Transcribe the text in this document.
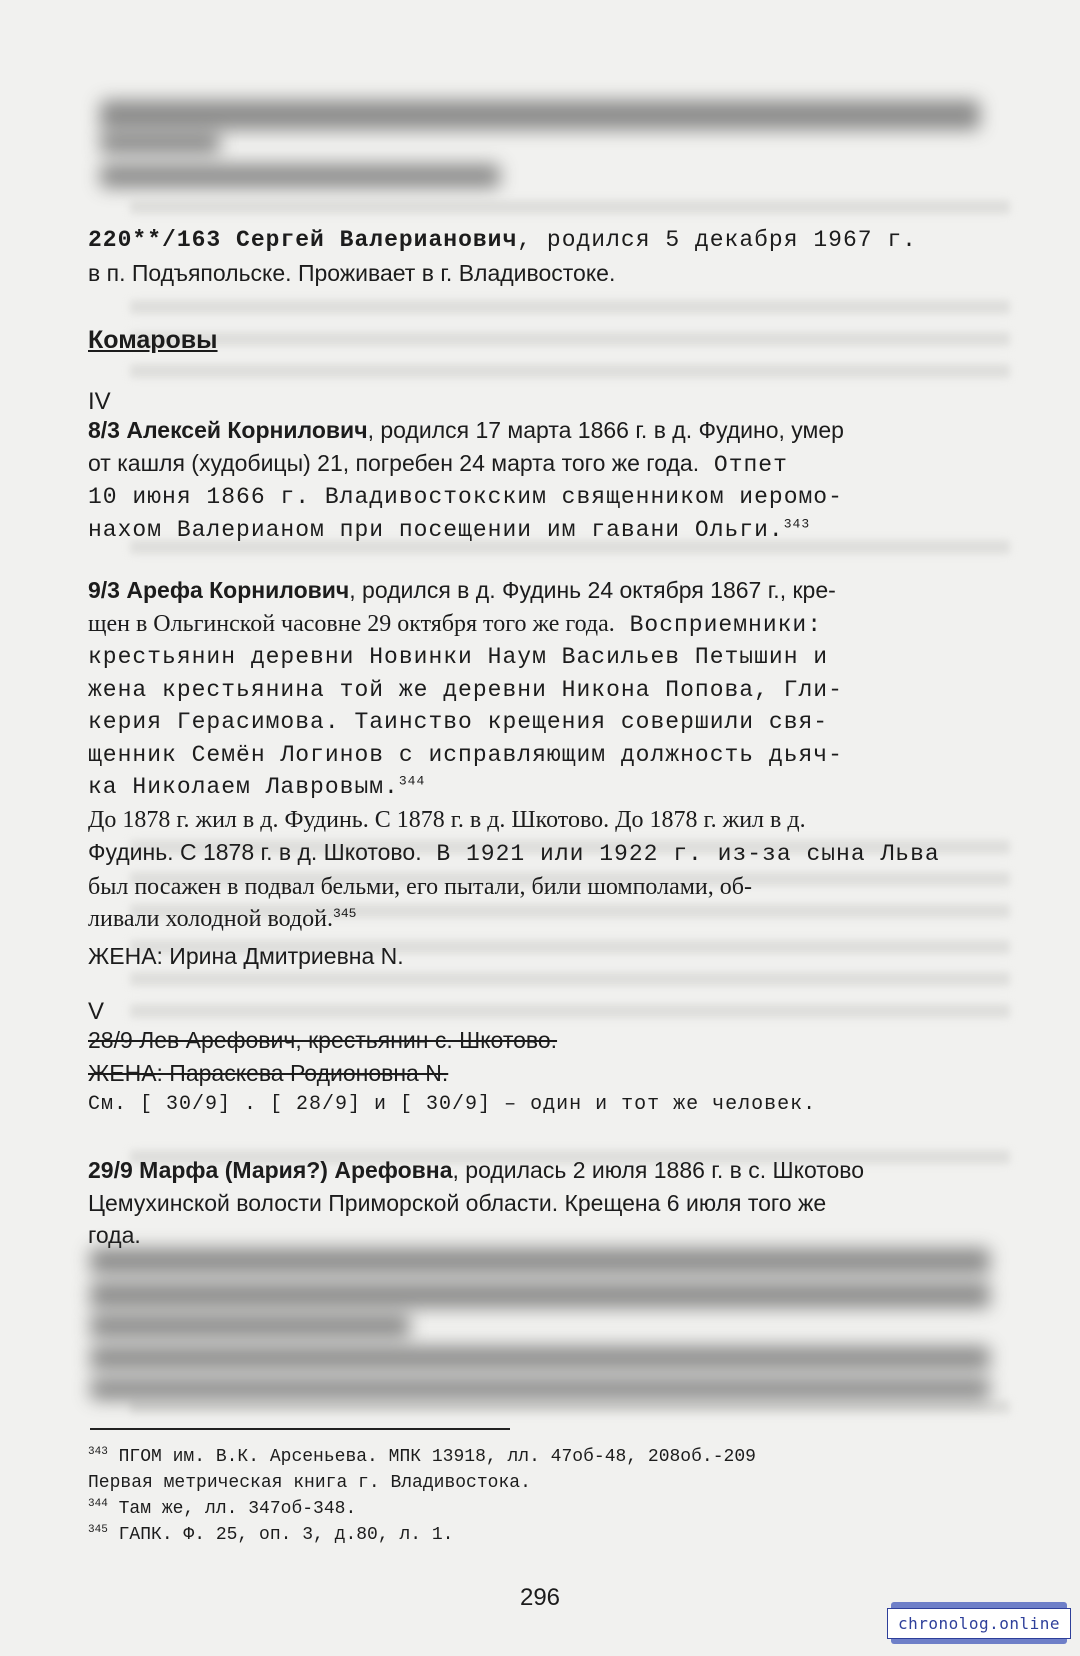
220**/163 Сергей Валерианович, родился 5 декабря 1967 г.

в п. Подъяпольске. Проживает в г. Владивостоке.

Комаровы

IV

8/3 Алексей Корнилович, родился 17 марта 1866 г. в д. Фудино, умер

от кашля (худобицы) 21, погребен 24 марта того же года. Отпет

10 июня 1866 г. Владивостокским священником иеромо-

нахом Валерианом при посещении им гавани Ольги.$^{343}$

9/3 Арефа Корнилович, родился в д. Фудинь 24 октября 1867 г., кре-

щен в Ольгинской часовне 29 октября того же года. Восприемники:

крестьянин деревни Новинки Наум Васильев Петышин и

жена крестьянина той же деревни Никона Попова, Гли-

керия Герасимова. Таинство крещения совершили свя-

щенник Семён Логинов с исправляющим должность дьяч-

ка Николаем Лавровым.$^{344}$

До 1878 г. жил в д. Фудинь. С 1878 г. в д. Шкотово. До 1878 г. жил в д.

Фудинь. С 1878 г. в д. Шкотово. В 1921 или 1922 г. из-за сына Льва

был посажен в подвал бельми, его пытали, били шомполами, об-

ливали холодной водой.$^{345}$

ЖЕНА: Ирина Дмитриевна N.

V

28/9 Лев Арефович, крестьянин с. Шкотово.

ЖЕНА: Параскева Родионовна N.

См. [ 30/9] . [ 28/9] и [ 30/9] – один и тот же человек.

29/9 Марфа (Мария?) Арефовна, родилась 2 июля 1886 г. в с. Шкотово

Цемухинской волости Приморской области. Крещена 6 июля того же

года.

$^{343}$ ПГОМ им. В.К. Арсеньева. МПК 13918, лл. 47об-48, 208об.-209
Первая метрическая книга г. Владивостока.
$^{344}$ Там же, лл. 347об-348.
$^{345}$ ГАПК. Ф. 25, оп. 3, д.80, л. 1.
296
chronolog.online
